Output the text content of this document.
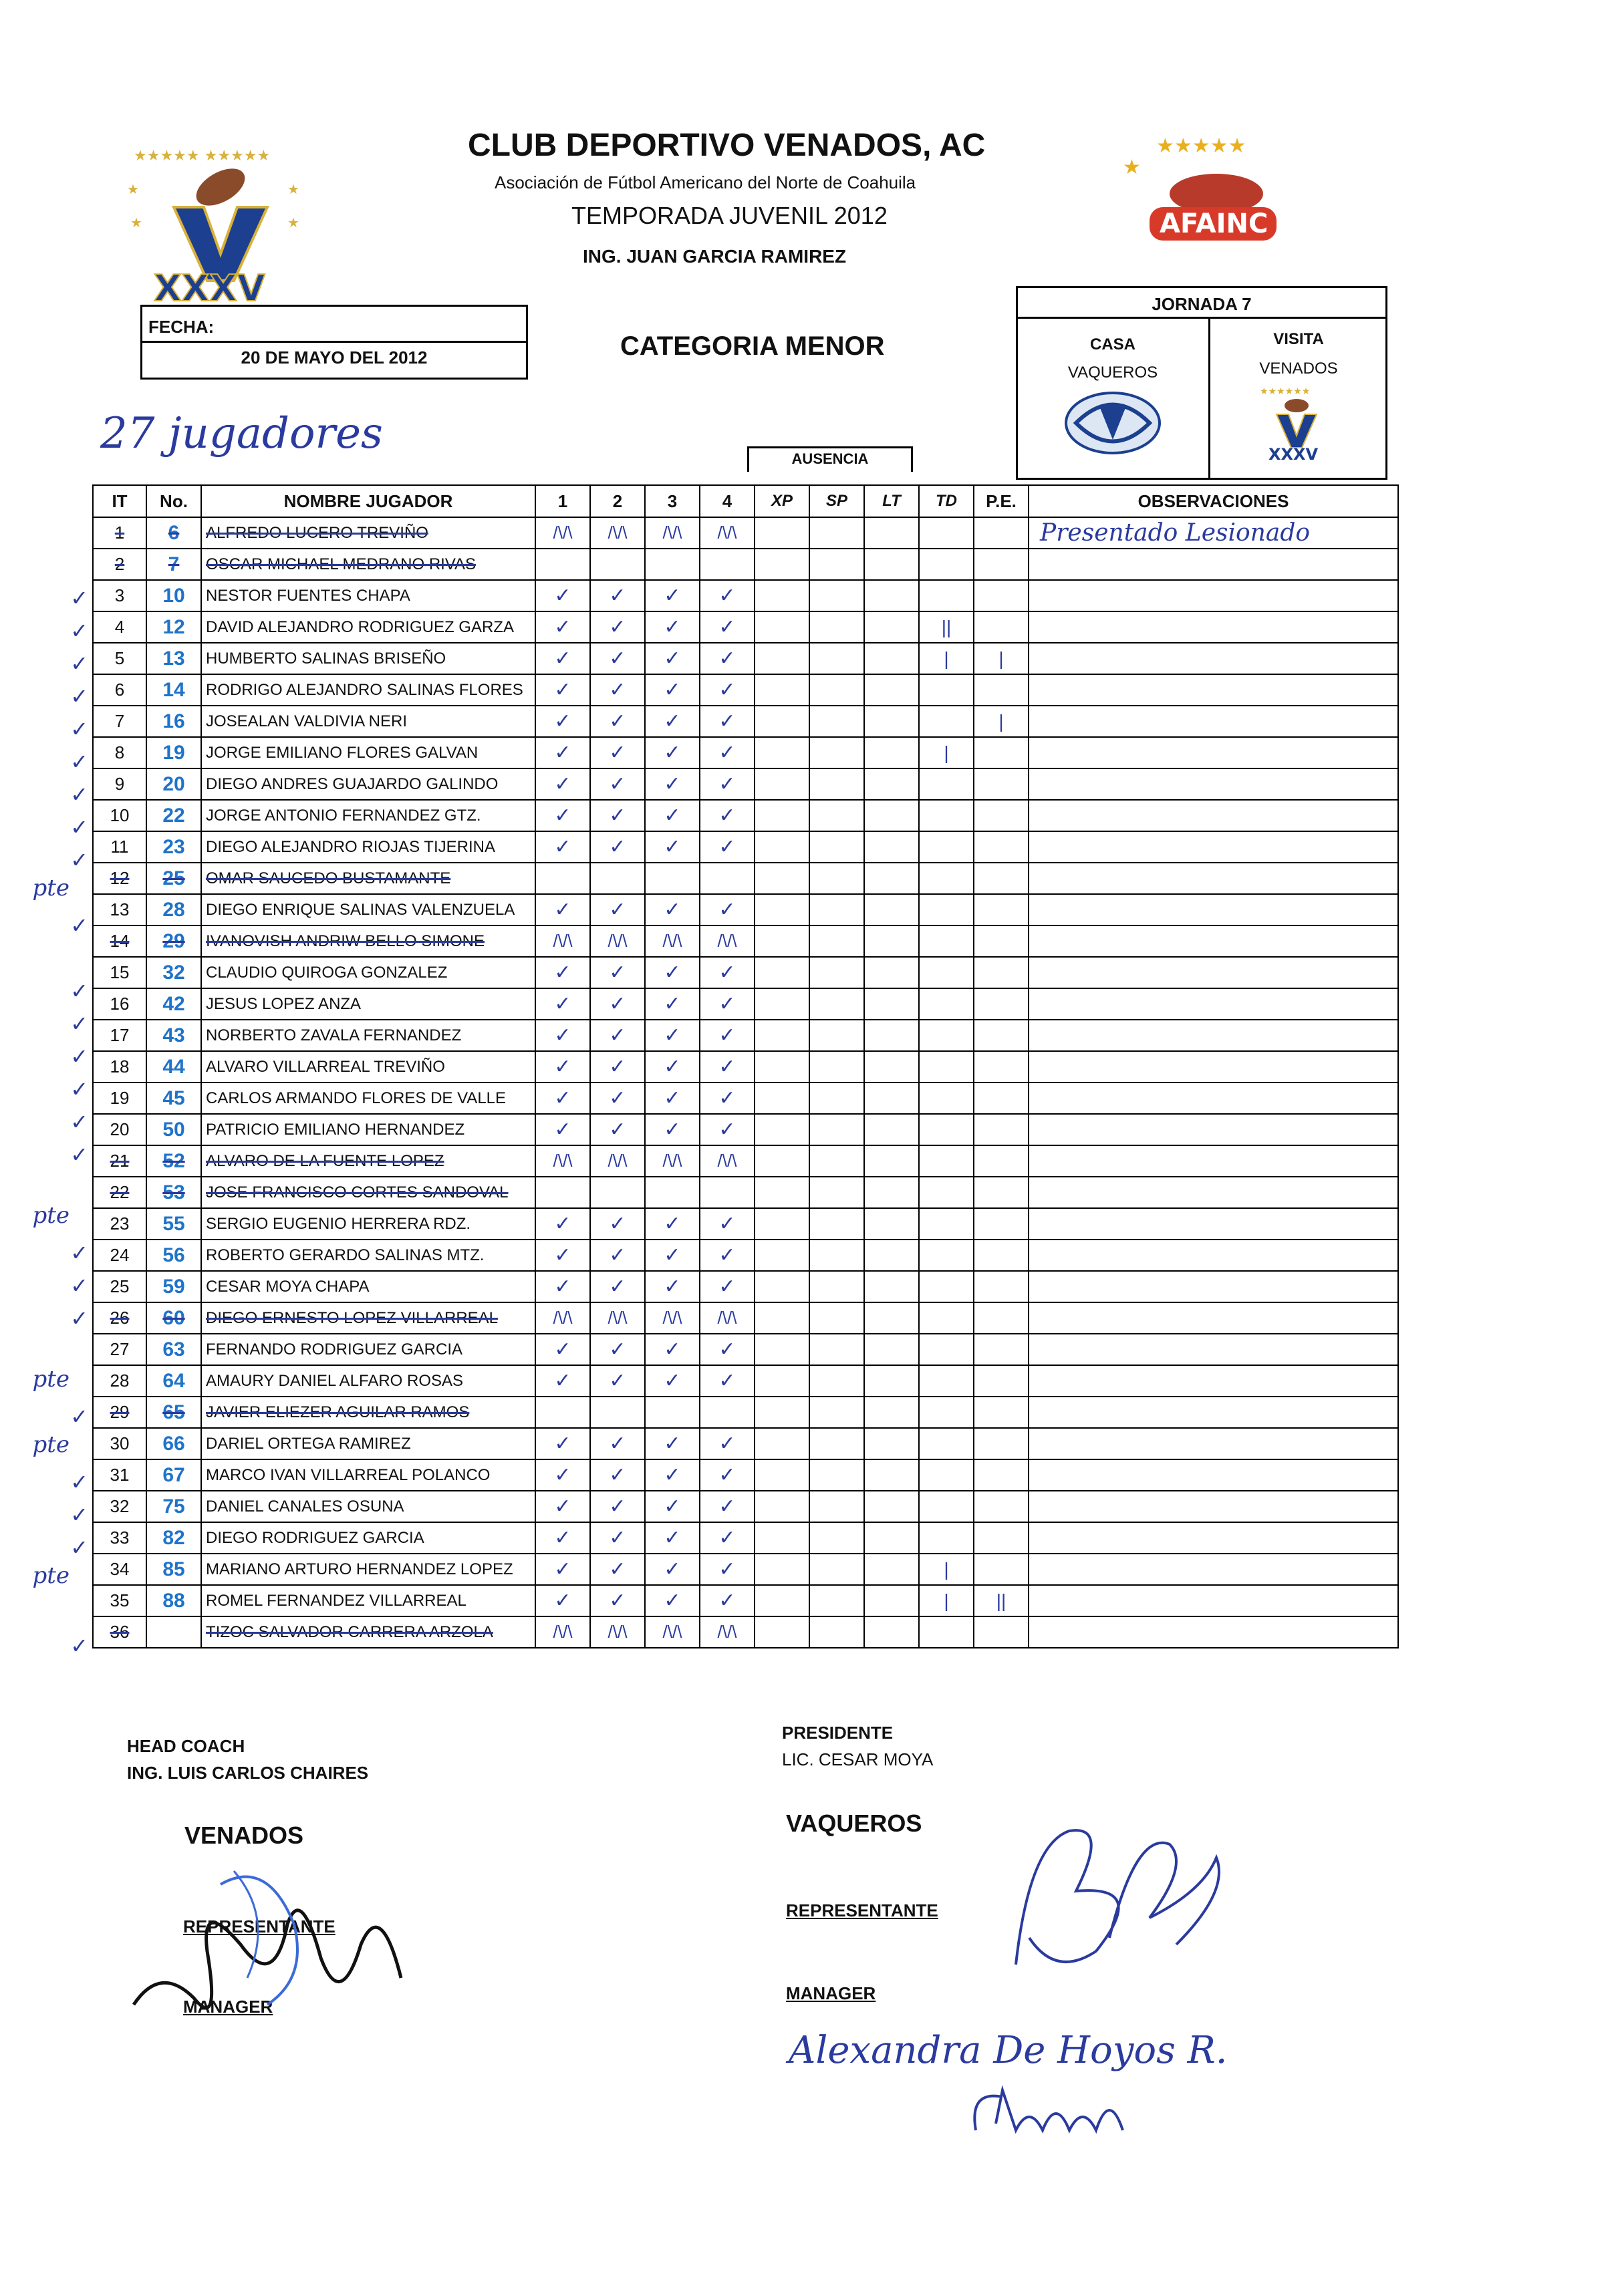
★★★★★ ★★★★★
★	★
★	★
XXXV
CLUB DEPORTIVO VENADOS, AC
Asociación de Fútbol Americano del Norte de Coahuila
TEMPORADA JUVENIL 2012
ING. JUAN GARCIA RAMIREZ
★
★★★★★
AFAINC
FECHA:
20 DE MAYO DEL 2012	CATEGORIA MENOR
JORNADA 7
CASA	VISITA
VAQUEROS	VENADOS
★★★★★★
XXXV
27 jugadores
AUSENCIA
✓
✓
✓
✓
✓
✓
✓
✓
✓
pte
✓
✓
✓
✓
✓
✓
✓
pte
✓
✓
✓
pte
✓
pte
✓
✓
✓
pte
✓
IT	No.	NOMBRE JUGADOR	1	2	3	4	XP	SP	LT	TD	P.E.	OBSERVACIONES
1	6	ALFREDO LUCERO TREVIÑO	/\/\	/\/\	/\/\	/\/\						Presentado Lesionado
2	7	OSCAR MICHAEL MEDRANO RIVAS										
3	10	NESTOR FUENTES CHAPA	✓	✓	✓	✓						
4	12	DAVID ALEJANDRO RODRIGUEZ GARZA	✓	✓	✓	✓				||		
5	13	HUMBERTO SALINAS BRISEÑO	✓	✓	✓	✓				|	|	
6	14	RODRIGO ALEJANDRO SALINAS FLORES	✓	✓	✓	✓						
7	16	JOSEALAN VALDIVIA NERI	✓	✓	✓	✓					|	
8	19	JORGE EMILIANO FLORES GALVAN	✓	✓	✓	✓				|		
9	20	DIEGO ANDRES GUAJARDO GALINDO	✓	✓	✓	✓						
10	22	JORGE ANTONIO FERNANDEZ GTZ.	✓	✓	✓	✓						
11	23	DIEGO ALEJANDRO RIOJAS TIJERINA	✓	✓	✓	✓						
12	25	OMAR SAUCEDO BUSTAMANTE										
13	28	DIEGO ENRIQUE SALINAS VALENZUELA	✓	✓	✓	✓						
14	29	IVANOVISH ANDRIW BELLO SIMONE	/\/\	/\/\	/\/\	/\/\						
15	32	CLAUDIO QUIROGA GONZALEZ	✓	✓	✓	✓						
16	42	JESUS LOPEZ ANZA	✓	✓	✓	✓						
17	43	NORBERTO ZAVALA FERNANDEZ	✓	✓	✓	✓						
18	44	ALVARO VILLARREAL TREVIÑO	✓	✓	✓	✓						
19	45	CARLOS ARMANDO FLORES DE VALLE	✓	✓	✓	✓						
20	50	PATRICIO EMILIANO HERNANDEZ	✓	✓	✓	✓						
21	52	ALVARO DE LA FUENTE LOPEZ	/\/\	/\/\	/\/\	/\/\						
22	53	JOSE FRANCISCO CORTES SANDOVAL										
23	55	SERGIO EUGENIO HERRERA RDZ.	✓	✓	✓	✓						
24	56	ROBERTO GERARDO SALINAS MTZ.	✓	✓	✓	✓						
25	59	CESAR MOYA CHAPA	✓	✓	✓	✓						
26	60	DIEGO ERNESTO LOPEZ VILLARREAL	/\/\	/\/\	/\/\	/\/\						
27	63	FERNANDO RODRIGUEZ GARCIA	✓	✓	✓	✓						
28	64	AMAURY DANIEL ALFARO ROSAS	✓	✓	✓	✓						
29	65	JAVIER ELIEZER AGUILAR RAMOS										
30	66	DARIEL ORTEGA RAMIREZ	✓	✓	✓	✓						
31	67	MARCO IVAN VILLARREAL POLANCO	✓	✓	✓	✓						
32	75	DANIEL CANALES OSUNA	✓	✓	✓	✓						
33	82	DIEGO RODRIGUEZ GARCIA	✓	✓	✓	✓						
34	85	MARIANO ARTURO HERNANDEZ LOPEZ	✓	✓	✓	✓				|		
35	88	ROMEL FERNANDEZ VILLARREAL	✓	✓	✓	✓				|	||	
36		TIZOC SALVADOR CARRERA ARZOLA	/\/\	/\/\	/\/\	/\/\						
HEAD COACH
ING. LUIS CARLOS CHAIRES
PRESIDENTE
LIC. CESAR MOYA
VENADOS	VAQUEROS
REPRESENTANTE
MANAGER
REPRESENTANTE
MANAGER
Alexandra De Hoyos R.
